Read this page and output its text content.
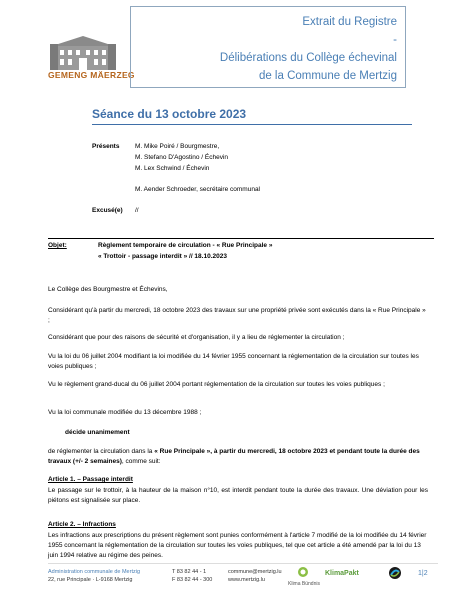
GEMENG MÄERZEG
Extrait du Registre
-
Délibérations du Collège échevinal
de la Commune de Mertzig
Séance du 13 octobre 2023
Présents M. Mike Poiré / Bourgmestre,
M. Stefano D'Agostino / Échevin
M. Lex Schwind / Échevin
M. Aender Schroeder, secrétaire communal
Excusé(e) //
Objet:	Règlement temporaire de circulation - « Rue Principale »
« Trottoir - passage interdit » // 18.10.2023
Le Collège des Bourgmestre et Échevins,
Considérant qu'à partir du mercredi, 18 octobre 2023 des travaux sur une propriété privée sont exécutés dans la « Rue Principale » ;
Considérant que pour des raisons de sécurité et d'organisation, il y a lieu de réglementer la circulation ;
Vu la loi du 06 juillet 2004 modifiant la loi modifiée du 14 février 1955 concernant la réglementation de la circulation sur toutes les voies publiques ;
Vu le règlement grand-ducal du 06 juillet 2004 portant réglementation de la circulation sur toutes les voies publiques ;
Vu la loi communale modifiée du 13 décembre 1988 ;
décide unanimement
de réglementer la circulation dans la « Rue Principale », à partir du mercredi, 18 octobre 2023 et pendant toute la durée des travaux (+/- 2 semaines), comme suit:
Article 1. – Passage interdit
Le passage sur le trottoir, à la hauteur de la maison n°10, est interdit pendant toute la durée des travaux. Une déviation pour les piétons est signalisée sur place.
Article 2. – Infractions
Les infractions aux prescriptions du présent règlement sont punies conformément à l'article 7 modifié de la loi modifiée du 14 février 1955 concernant la réglementation de la circulation sur toutes les voies publiques, tel que cet article a été amendé par la loi du 13 juin 1994 relative au régime des peines.
Administration communale de Mertzig
22, rue Principale · L-9168 Mertzig
T 83 82 44 - 1
F 83 82 44 - 300
commune@mertzig.lu
www.mertzig.lu
Klima Bündnis
KlimaPakt	1|2
